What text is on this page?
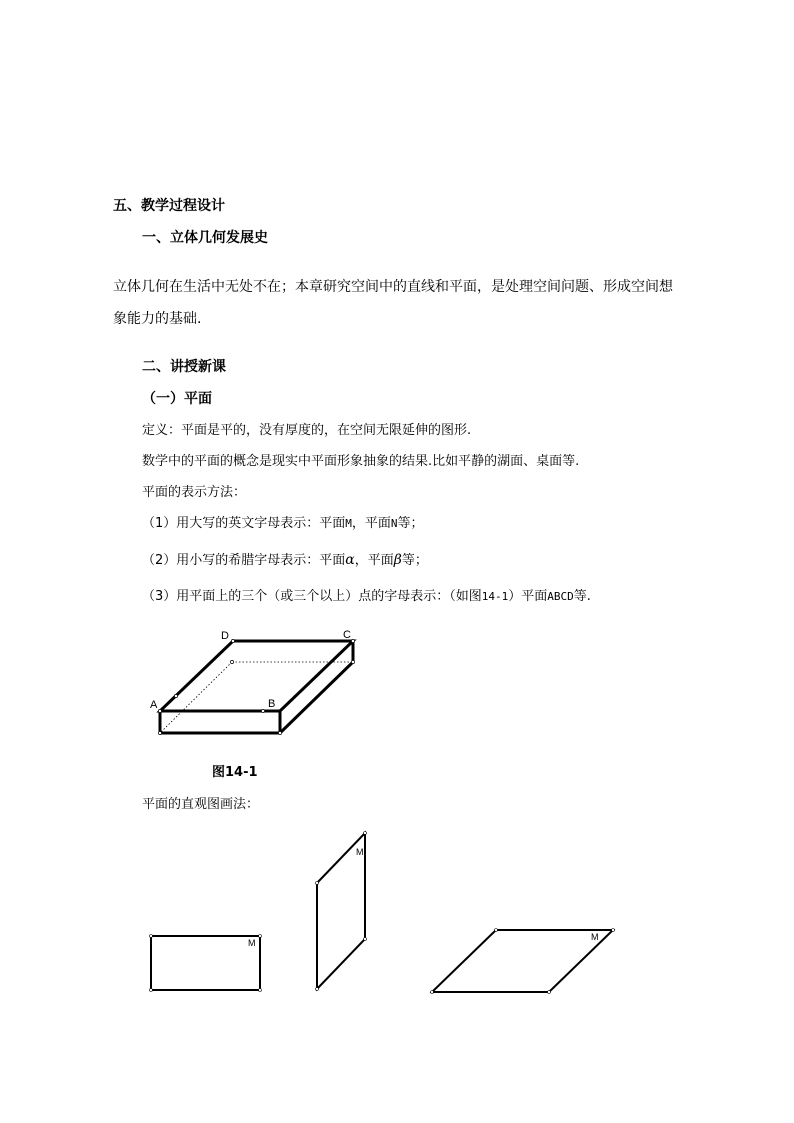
五、教学过程设计
一、立体几何发展史
立体几何在生活中无处不在；本章研究空间中的直线和平面，是处理空间问题、形成空间想
象能力的基础.
二、讲授新课
（一）平面
定义：平面是平的，没有厚度的，在空间无限延伸的图形.
数学中的平面的概念是现实中平面形象抽象的结果.比如平静的湖面、桌面等.
平面的表示方法：
（1）用大写的英文字母表示：平面M，平面N等；
（2）用小写的希腊字母表示：平面α，平面β等；
（3）用平面上的三个（或三个以上）点的字母表示：（如图14-1）平面ABCD等.
A	B
C
D
M
M
M
图14-1
平面的直观图画法：
